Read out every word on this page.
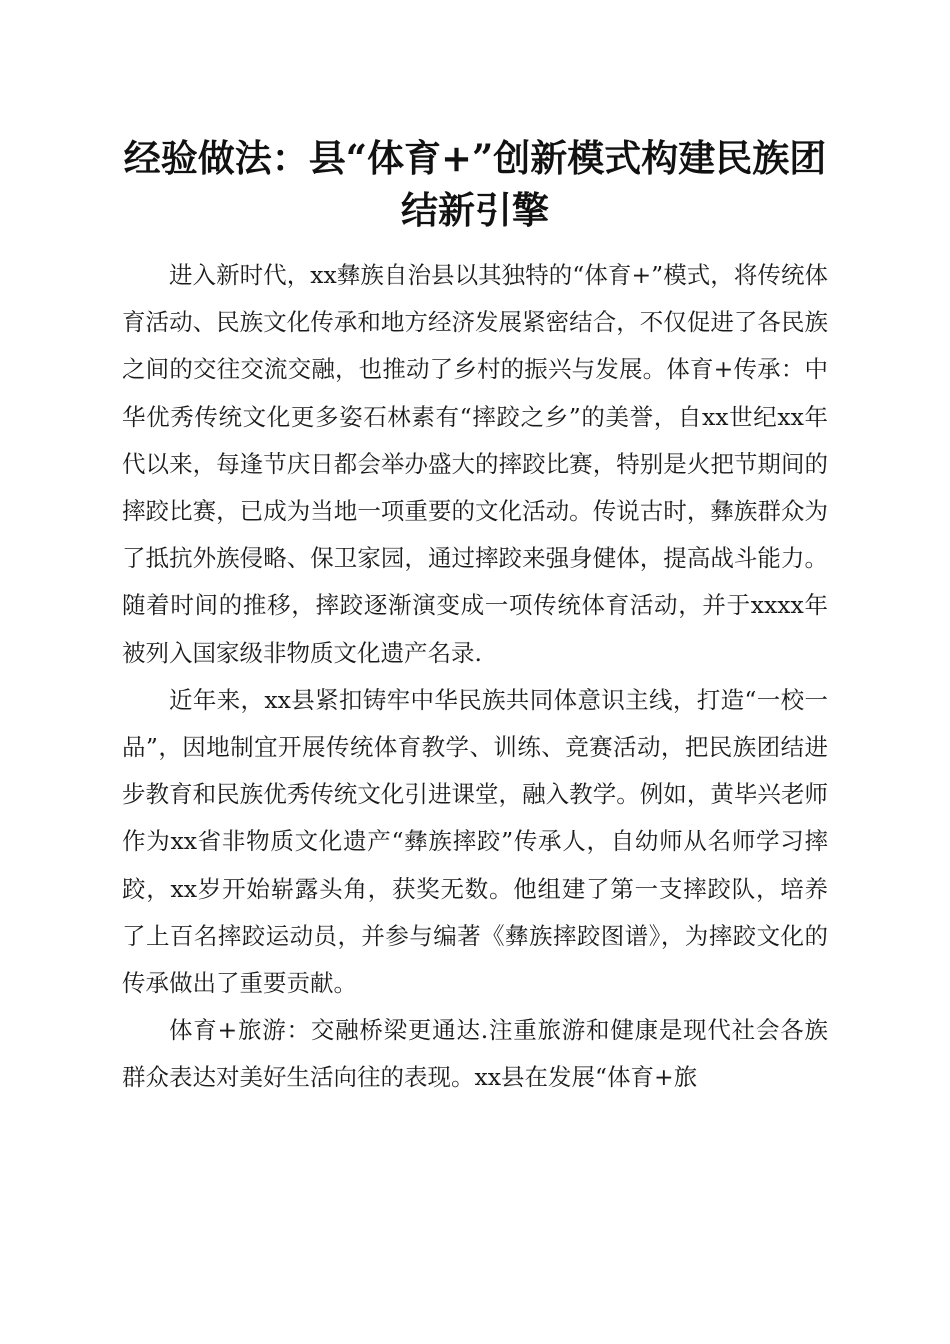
经验做法：县“体育+”创新模式构建民族团结新引擎

进入新时代，xx彝族自治县以其独特的“体育+”模式，将传统体育活动、民族文化传承和地方经济发展紧密结合，不仅促进了各民族之间的交往交流交融，也推动了乡村的振兴与发展。体育+传承：中华优秀传统文化更多姿石林素有“摔跤之乡”的美誉，自xx世纪xx年代以来，每逢节庆日都会举办盛大的摔跤比赛，特别是火把节期间的摔跤比赛，已成为当地一项重要的文化活动。传说古时，彝族群众为了抵抗外族侵略、保卫家园，通过摔跤来强身健体，提高战斗能力。随着时间的推移，摔跤逐渐演变成一项传统体育活动，并于xxxx年被列入国家级非物质文化遗产名录.

近年来，xx县紧扣铸牢中华民族共同体意识主线，打造“一校一品”，因地制宜开展传统体育教学、训练、竞赛活动，把民族团结进步教育和民族优秀传统文化引进课堂，融入教学。例如，黄毕兴老师作为xx省非物质文化遗产“彝族摔跤”传承人，自幼师从名师学习摔跤，xx岁开始崭露头角，获奖无数。他组建了第一支摔跤队，培养了上百名摔跤运动员，并参与编著《彝族摔跤图谱》，为摔跤文化的传承做出了重要贡献。

体育+旅游：交融桥梁更通达.注重旅游和健康是现代社会各族群众表达对美好生活向往的表现。xx县在发展“体育+旅
